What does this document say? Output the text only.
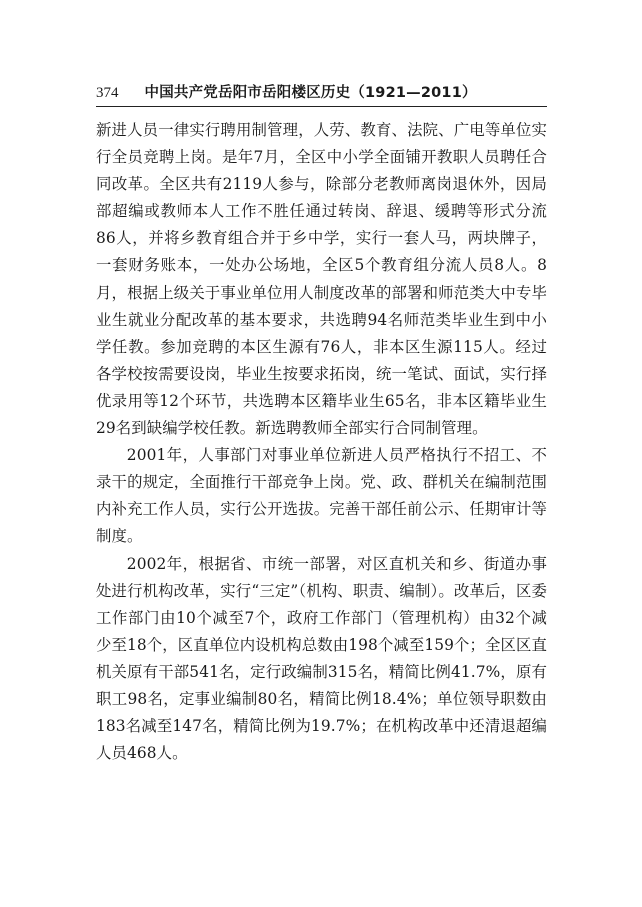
374 中国共产党岳阳市岳阳楼区历史（1921—2011）

新进人员一律实行聘用制管理，人劳、教育、法院、广电等单位实行全员竞聘上岗。是年7月，全区中小学全面铺开教职人员聘任合同改革。全区共有2119人参与，除部分老教师离岗退休外，因局部超编或教师本人工作不胜任通过转岗、辞退、缓聘等形式分流86人，并将乡教育组合并于乡中学，实行一套人马，两块牌子，一套财务账本，一处办公场地，全区5个教育组分流人员8人。8月，根据上级关于事业单位用人制度改革的部署和师范类大中专毕业生就业分配改革的基本要求，共选聘94名师范类毕业生到中小学任教。参加竞聘的本区生源有76人，非本区生源115人。经过各学校按需要设岗，毕业生按要求拓岗，统一笔试、面试，实行择优录用等12个环节，共选聘本区籍毕业生65名，非本区籍毕业生29名到缺编学校任教。新选聘教师全部实行合同制管理。

2001年，人事部门对事业单位新进人员严格执行不招工、不录干的规定，全面推行干部竞争上岗。党、政、群机关在编制范围内补充工作人员，实行公开选拔。完善干部任前公示、任期审计等制度。

2002年，根据省、市统一部署，对区直机关和乡、街道办事处进行机构改革，实行“三定”（机构、职责、编制）。改革后，区委工作部门由10个减至7个，政府工作部门（管理机构）由32个减少至18个，区直单位内设机构总数由198个减至159个；全区区直机关原有干部541名，定行政编制315名，精简比例41.7%，原有职工98名，定事业编制80名，精简比例18.4%；单位领导职数由183名减至147名，精简比例为19.7%；在机构改革中还清退超编人员468人。
